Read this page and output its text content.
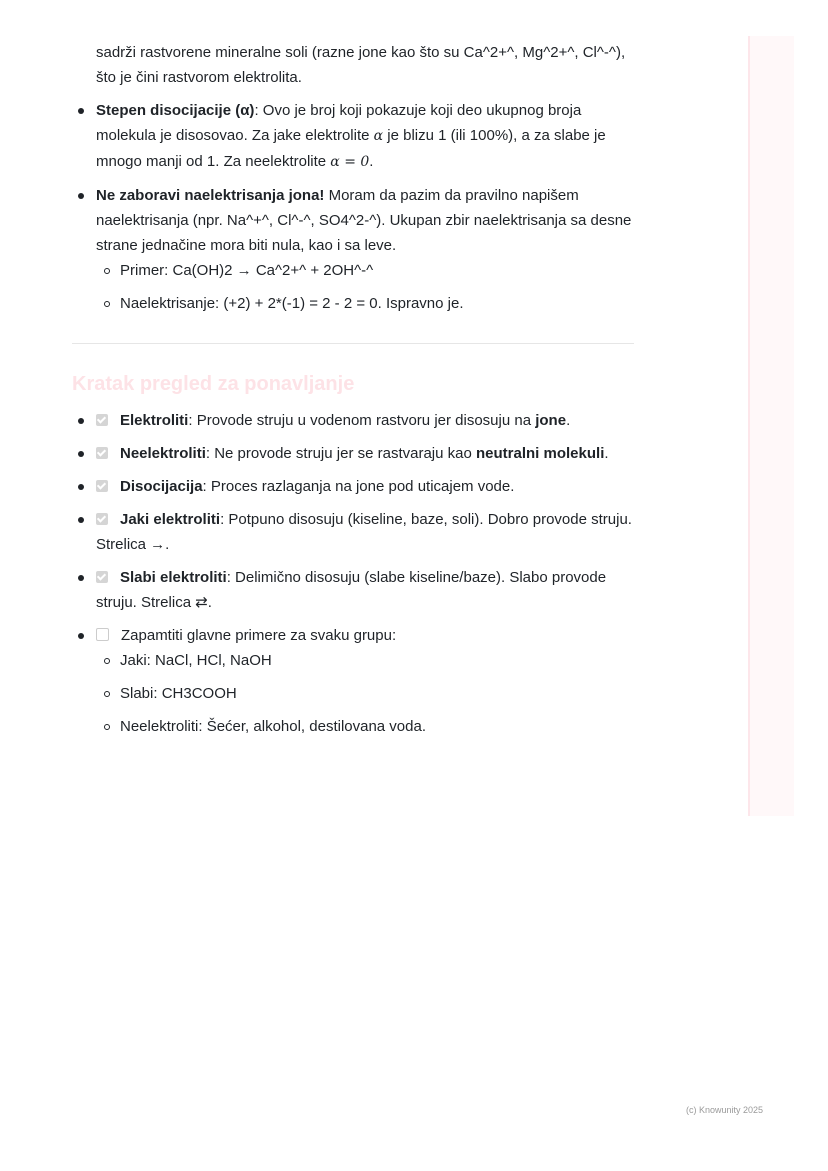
sadrži rastvorene mineralne soli (razne jone kao što su Ca^2+^, Mg^2+^, Cl^-^), što je čini rastvorom elektrolita.

Stepen disocijacije (α): Ovo je broj koji pokazuje koji deo ukupnog broja molekula je disosovao. Za jake elektrolite α je blizu 1 (ili 100%), a za slabe je mnogo manji od 1. Za neelektrolite α = 0.
Ne zaboravi naelektrisanja jona! Moram da pazim da pravilno napišem naelektrisanja (npr. Na^+^, Cl^-^, SO4^2-^). Ukupan zbir naelektrisanja sa desne strane jednačine mora biti nula, kao i sa leve.
Primer: Ca(OH)2 → Ca^2+^ + 2OH^-^
Naelektrisanje: (+2) + 2*(-1) = 2 - 2 = 0. Ispravno je.
Kratak pregled za ponavljanje
Elektroliti: Provode struju u vodenom rastvoru jer disosuju na jone.
Neelektroliti: Ne provode struju jer se rastvaraju kao neutralni molekuli.
Disocijacija: Proces razlaganja na jone pod uticajem vode.
Jaki elektroliti: Potpuno disosuju (kiseline, baze, soli). Dobro provode struju. Strelica →.
Slabi elektroliti: Delimično disosuju (slabe kiseline/baze). Slabo provode struju. Strelica ⇄.
Zapamtiti glavne primere za svaku grupu:
Jaki: NaCl, HCl, NaOH
Slabi: CH3COOH
Neelektroliti: Šećer, alkohol, destilovana voda.
(c) Knowunity 2025
